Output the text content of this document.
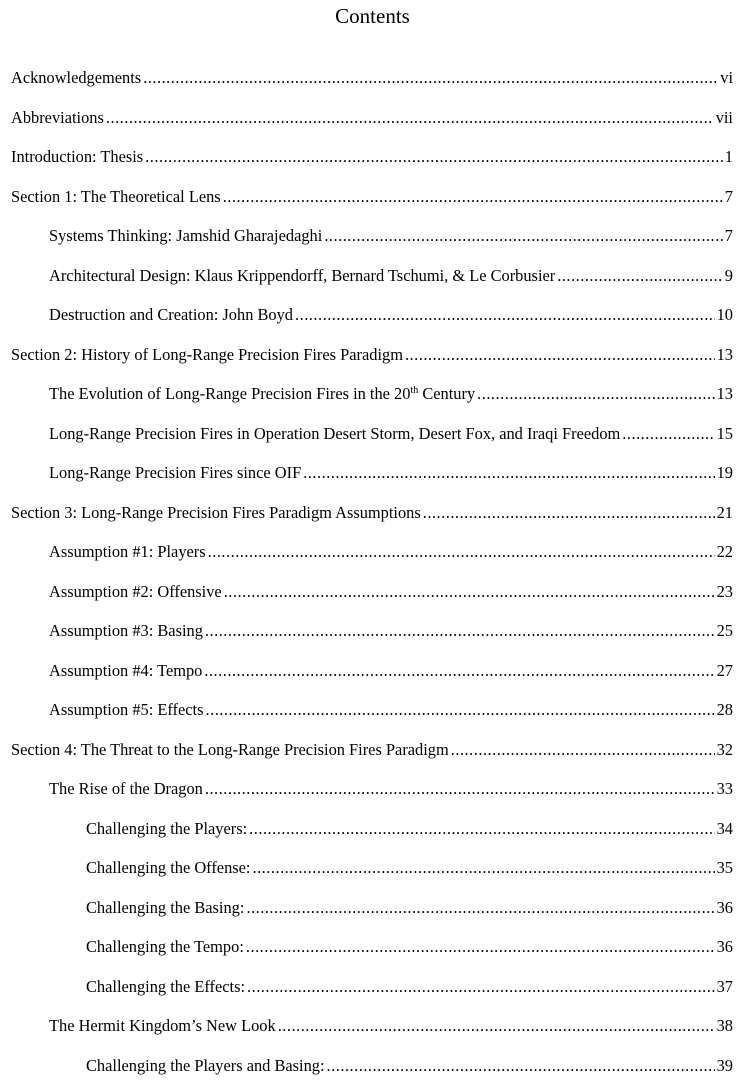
Contents
Acknowledgements .....	vi
Abbreviations .....	vii
Introduction: Thesis .....	1
Section 1: The Theoretical Lens .....	7
Systems Thinking: Jamshid Gharajedaghi .....	7
Architectural Design: Klaus Krippendorff, Bernard Tschumi, & Le Corbusier .....	9
Destruction and Creation: John Boyd .....	10
Section 2: History of Long-Range Precision Fires Paradigm .....	13
The Evolution of Long-Range Precision Fires in the 20th Century .....	13
Long-Range Precision Fires in Operation Desert Storm, Desert Fox, and Iraqi Freedom .....	15
Long-Range Precision Fires since OIF .....	19
Section 3: Long-Range Precision Fires Paradigm Assumptions .....	21
Assumption #1: Players .....	22
Assumption #2: Offensive .....	23
Assumption #3: Basing .....	25
Assumption #4: Tempo .....	27
Assumption #5: Effects .....	28
Section 4: The Threat to the Long-Range Precision Fires Paradigm .....	32
The Rise of the Dragon .....	33
Challenging the Players: .....	34
Challenging the Offense: .....	35
Challenging the Basing: .....	36
Challenging the Tempo: .....	36
Challenging the Effects: .....	37
The Hermit Kingdom’s New Look .....	38
Challenging the Players and Basing: .....	39
